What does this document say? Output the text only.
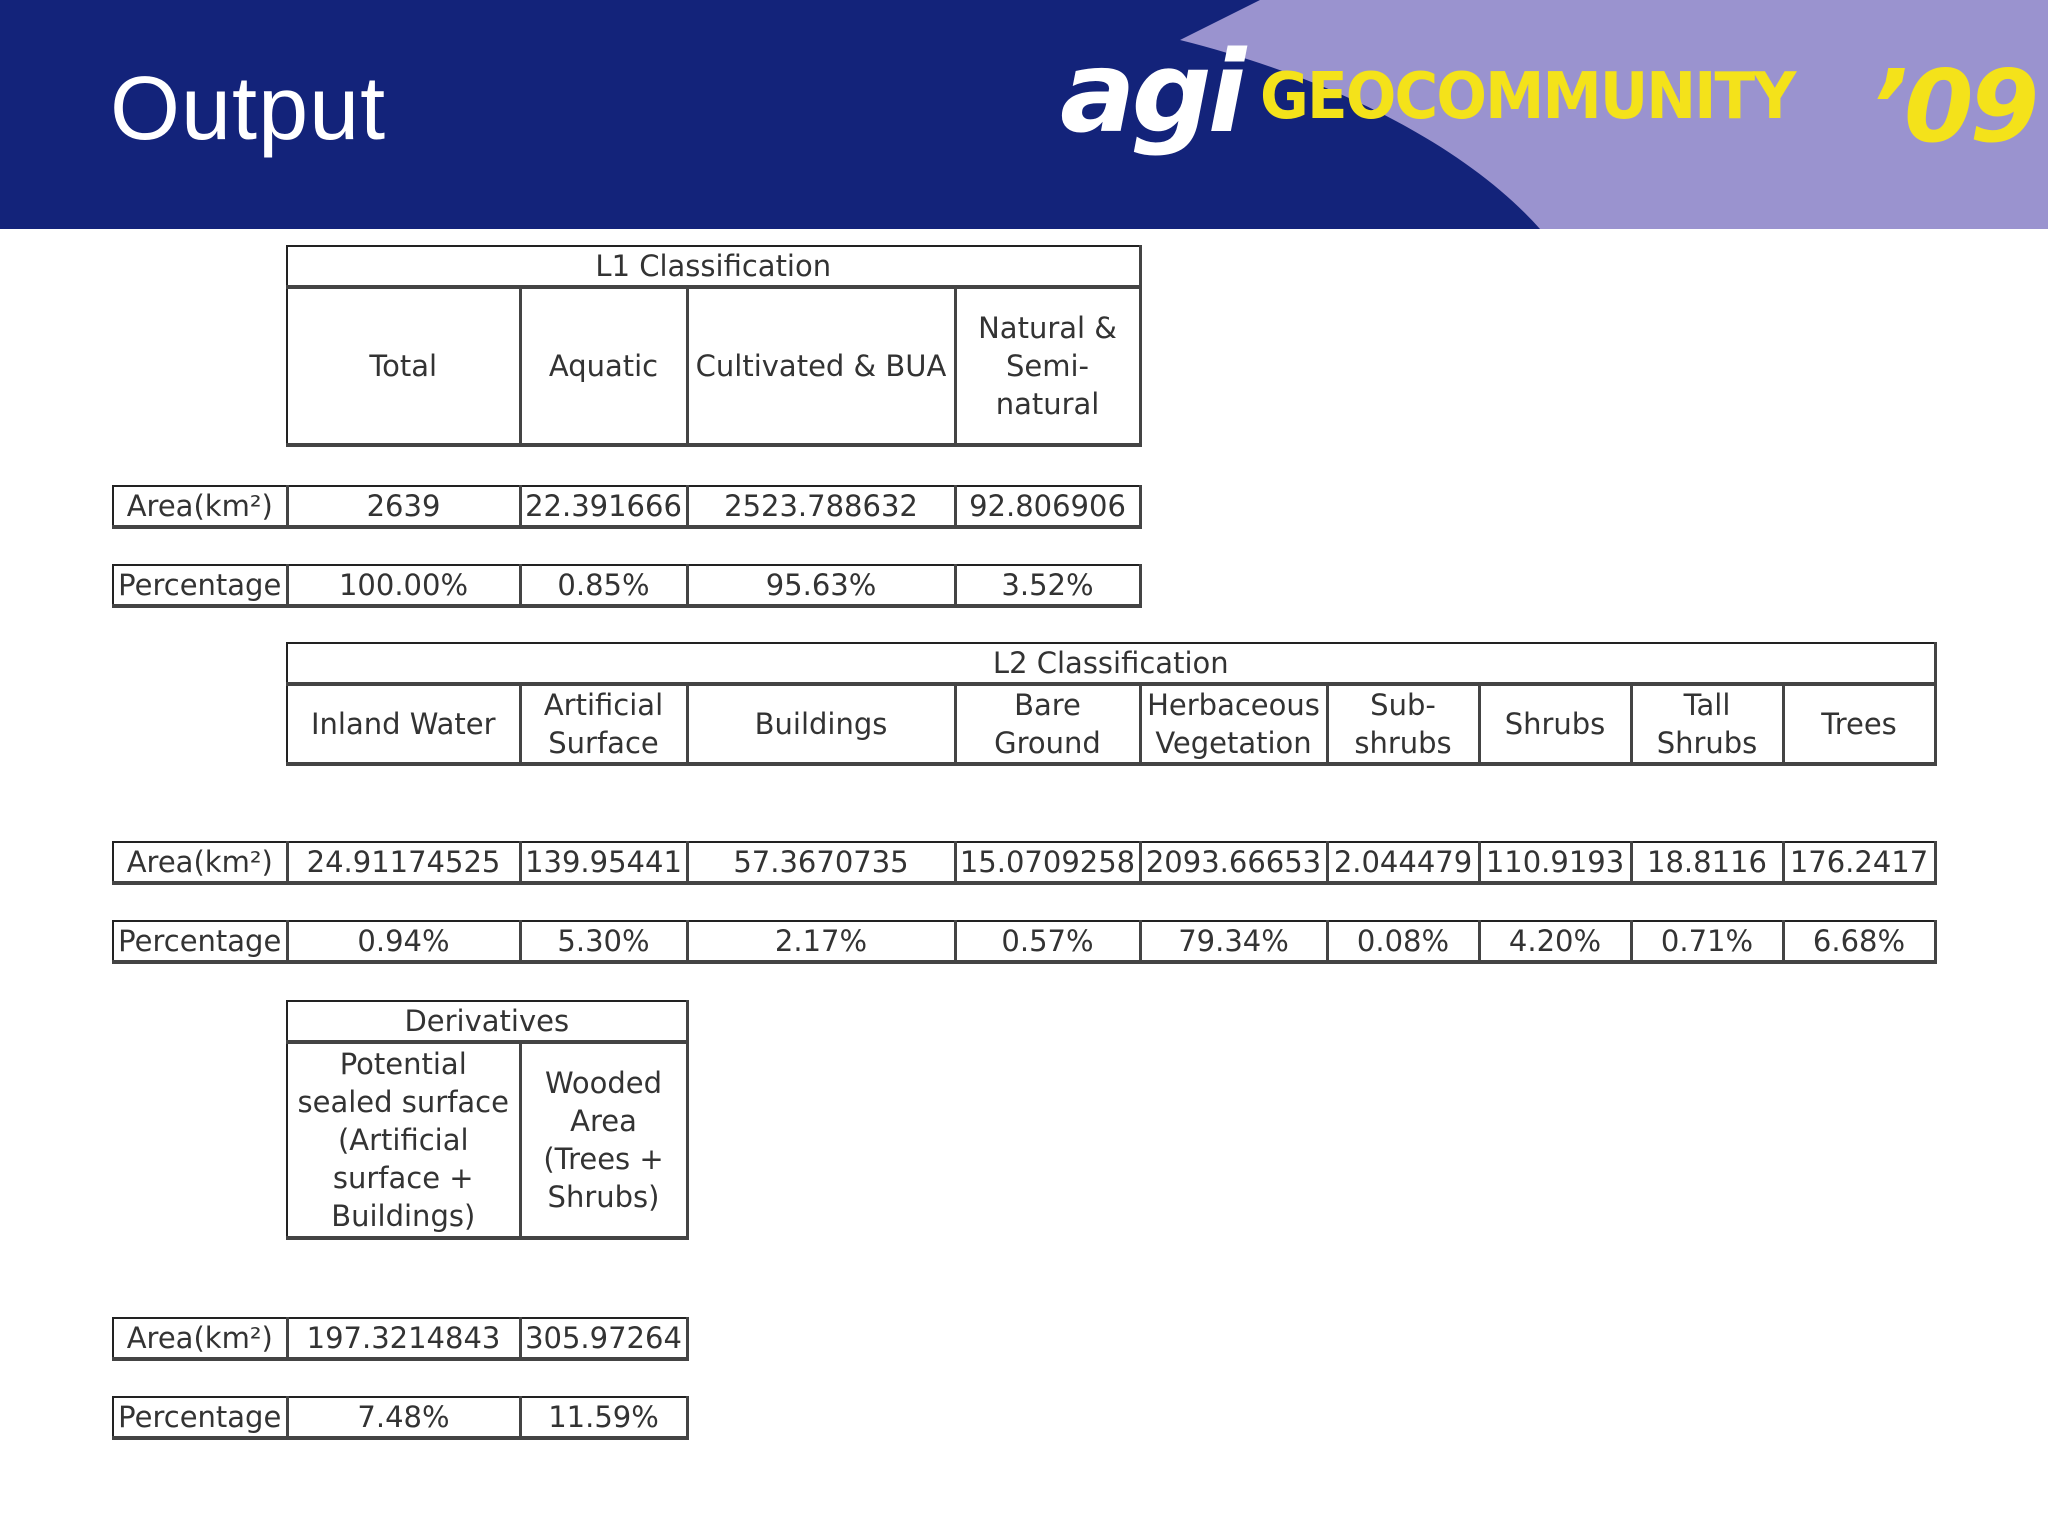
Output	agi GEOCOMMUNITY ’09
L1 Classification
Total	Aquatic	Cultivated & BUA	Natural & Semi-natural
Area(km²)	2639	22.391666	2523.788632	92.806906
Percentage	100.00%	0.85%	95.63%	3.52%
L2 Classification
Inland Water	Artificial Surface	Buildings	Bare Ground	Herbaceous Vegetation	Sub-shrubs	Shrubs	Tall Shrubs	Trees
Area(km²)	24.91174525	139.95441	57.3670735	15.0709258	2093.66653	2.044479	110.9193	18.8116	176.2417
Percentage	0.94%	5.30%	2.17%	0.57%	79.34%	0.08%	4.20%	0.71%	6.68%
Derivatives
Potential sealed surface (Artificial surface + Buildings)	Wooded Area (Trees + Shrubs)
Area(km²)	197.3214843	305.97264
Percentage	7.48%	11.59%
